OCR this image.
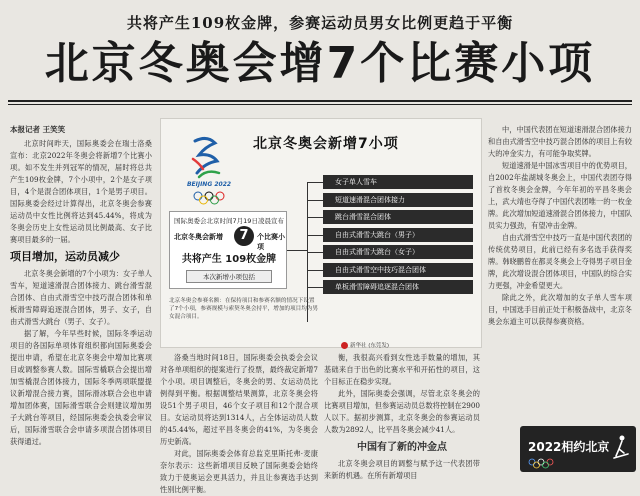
共将产生109枚金牌，参赛运动员男女比例更趋于平衡
北京冬奥会增7个比赛小项

本报记者 王笑笑

北京时间昨天，国际奥委会在瑞士洛桑宣布：北京2022年冬奥会将新增7个比赛小项。如不发生并列冠军的情况，届时将总共产生109枚金牌，7个小项中，2个是女子项目，4个是混合团体项目，1个是男子项目。国际奥委会经过计算得出，北京冬奥会参赛运动员中女性比例将达到45.44%，将成为冬奥会历史上女性运动员比例最高、女子比赛项目最多的一届。

项目增加，运动员减少

北京冬奥会新增的7个小项为：女子单人雪车，短道速滑混合团体接力、跳台滑雪混合团体、自由式滑雪空中技巧混合团体和单板滑雪障碍追逐混合团体，男子、女子，自由式滑雪大跳台（男子、女子）。

据了解，今年早些时候，国际冬季运动项目的各国际单项体育组织都向国际奥委会提出申请，希望在北京冬奥会中增加比赛项目或调整参赛人数。国际雪橇联合会提出增加雪橇混合团体接力，国际冬季两项联盟提议新增混合接力赛，国际滑冰联合会也申请增加团体赛，国际滑雪联合会则建议增加男子大跳台等项目，经国际奥委会执委会审议后，国际滑雪联合会申请多项混合团体项目获得通过。

BEIJING 2022
北京冬奥会新增7小项
国际奥委会北京时间7月19日凌晨宣布
北京冬奥会新增	7	个比赛小项
共将产生 109枚金牌
本次新增小项包括
女子单人雪车
短道速滑混合团体接力
跳台滑雪混合团体
自由式滑雪大跳台（男子）
自由式滑雪大跳台（女子）
自由式滑雪空中技巧混合团体
单板滑雪障碍追逐混合团体
北京冬奥会参赛名额：在保持项目和参赛名额的情况下设置了7个小项，参赛规模与索契冬奥会持平，增加的项目均为男女混合项目。
新华社 (东莞发)

洛桑当地时间18日，国际奥委会执委会会议对各单项组织的提案进行了投票，最终裁定新增7个小项。项目调整后，冬奥会的男、女运动员比例得到平衡。根据调整结果测算，北京冬奥会将设51个男子项目，46个女子项目和12个混合项目。女运动员将达到1314人，占全体运动员人数的45.44%，超过平昌冬奥会的41%，为冬奥会历史新高。

对此，国际奥委会体育总监克里斯托弗·麦康奈尔表示：这些新增项目反映了国际奥委会始终致力于使奥运会更具活力，并且让参赛选手达到性别比例平衡。

衡，我很高兴看到女性选手数量的增加，其基础来自于出色的比赛水平和开拓性的项目，这个目标正在稳步实现。

此外，国际奥委会强调，尽管北京冬奥会的比赛项目增加，但参赛运动员总数将控制在2900人以下。据初步测算，北京冬奥会的参赛运动员人数为2892人，比平昌冬奥会减少41人。

中国有了新的冲金点

北京冬奥会项目的调整与赋予这一代表团带来新的机遇。在所有新增项目

中，中国代表团在短道速滑混合团体接力和自由式滑雪空中技巧混合团体的项目上有较大的冲金实力，有可能争取奖牌。

短道速滑是中国冰雪项目中的优势项目，自2002年盐湖城冬奥会上，中国代表团夺得了首枚冬奥会金牌，今年年初的平昌冬奥会上，武大靖也夺得了中国代表团唯一的一枚金牌。此次增加短道速滑混合团体接力，中国队员实力强劲，有望冲击金牌。

自由式滑雪空中技巧一直是中国代表团的传统优势项目，此前已经有多名选手获得奖牌。韩晓鹏曾在都灵冬奥会上夺得男子项目金牌，此次增设混合团体项目，中国队的综合实力更强，冲金希望更大。

除此之外，此次增加的女子单人雪车项目，中国选手目前正处于积极备战中，北京冬奥会东道主可以获得参赛资格。

2022相约北京
